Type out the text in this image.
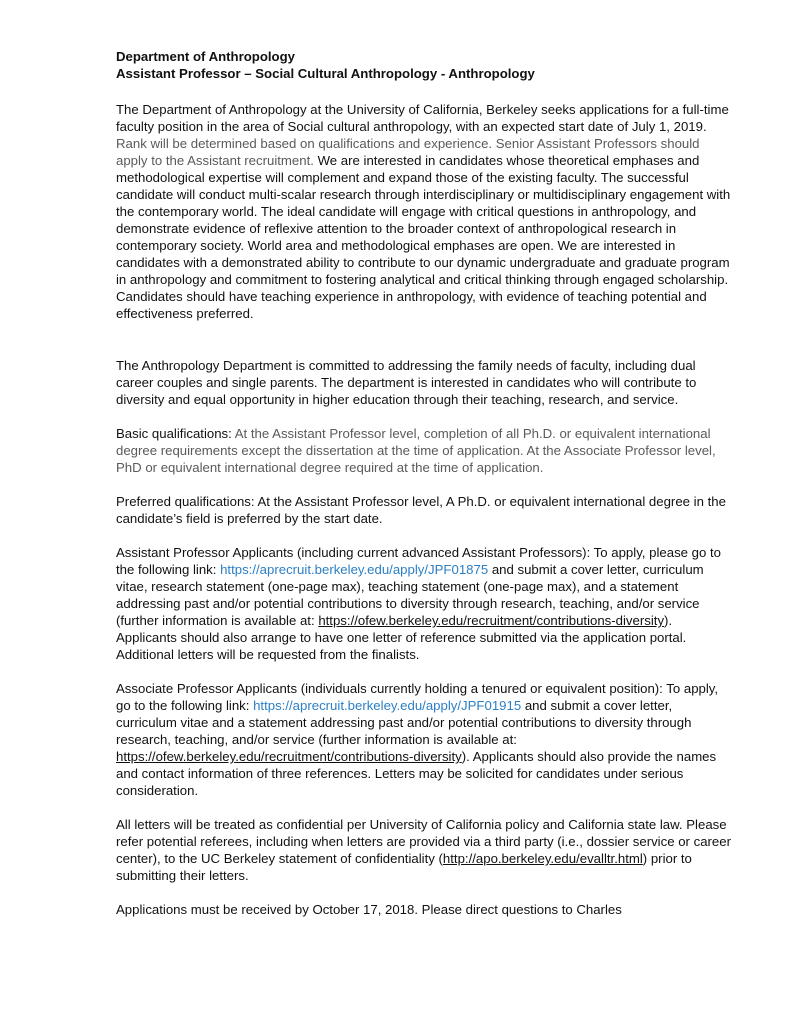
Department of Anthropology
Assistant Professor – Social Cultural Anthropology - Anthropology

The Department of Anthropology at the University of California, Berkeley seeks applications for a full-time faculty position in the area of Social cultural anthropology, with an expected start date of July 1, 2019. Rank will be determined based on qualifications and experience. Senior Assistant Professors should apply to the Assistant recruitment. We are interested in candidates whose theoretical emphases and methodological expertise will complement and expand those of the existing faculty. The successful candidate will conduct multi-scalar research through interdisciplinary or multidisciplinary engagement with the contemporary world. The ideal candidate will engage with critical questions in anthropology, and demonstrate evidence of reflexive attention to the broader context of anthropological research in contemporary society. World area and methodological emphases are open. We are interested in candidates with a demonstrated ability to contribute to our dynamic undergraduate and graduate program in anthropology and commitment to fostering analytical and critical thinking through engaged scholarship. Candidates should have teaching experience in anthropology, with evidence of teaching potential and effectiveness preferred.

The Anthropology Department is committed to addressing the family needs of faculty, including dual career couples and single parents. The department is interested in candidates who will contribute to diversity and equal opportunity in higher education through their teaching, research, and service.

Basic qualifications: At the Assistant Professor level, completion of all Ph.D. or equivalent international degree requirements except the dissertation at the time of application. At the Associate Professor level, PhD or equivalent international degree required at the time of application.

Preferred qualifications: At the Assistant Professor level, A Ph.D. or equivalent international degree in the candidate’s field is preferred by the start date.

Assistant Professor Applicants (including current advanced Assistant Professors): To apply, please go to the following link: https://aprecruit.berkeley.edu/apply/JPF01875 and submit a cover letter, curriculum vitae, research statement (one-page max), teaching statement (one-page max), and a statement addressing past and/or potential contributions to diversity through research, teaching, and/or service (further information is available at: https://ofew.berkeley.edu/recruitment/contributions-diversity). Applicants should also arrange to have one letter of reference submitted via the application portal. Additional letters will be requested from the finalists.

Associate Professor Applicants (individuals currently holding a tenured or equivalent position): To apply, go to the following link: https://aprecruit.berkeley.edu/apply/JPF01915 and submit a cover letter, curriculum vitae and a statement addressing past and/or potential contributions to diversity through research, teaching, and/or service (further information is available at: https://ofew.berkeley.edu/recruitment/contributions-diversity). Applicants should also provide the names and contact information of three references. Letters may be solicited for candidates under serious consideration.

All letters will be treated as confidential per University of California policy and California state law. Please refer potential referees, including when letters are provided via a third party (i.e., dossier service or career center), to the UC Berkeley statement of confidentiality (http://apo.berkeley.edu/evalltr.html) prior to submitting their letters.

Applications must be received by October 17, 2018. Please direct questions to Charles
